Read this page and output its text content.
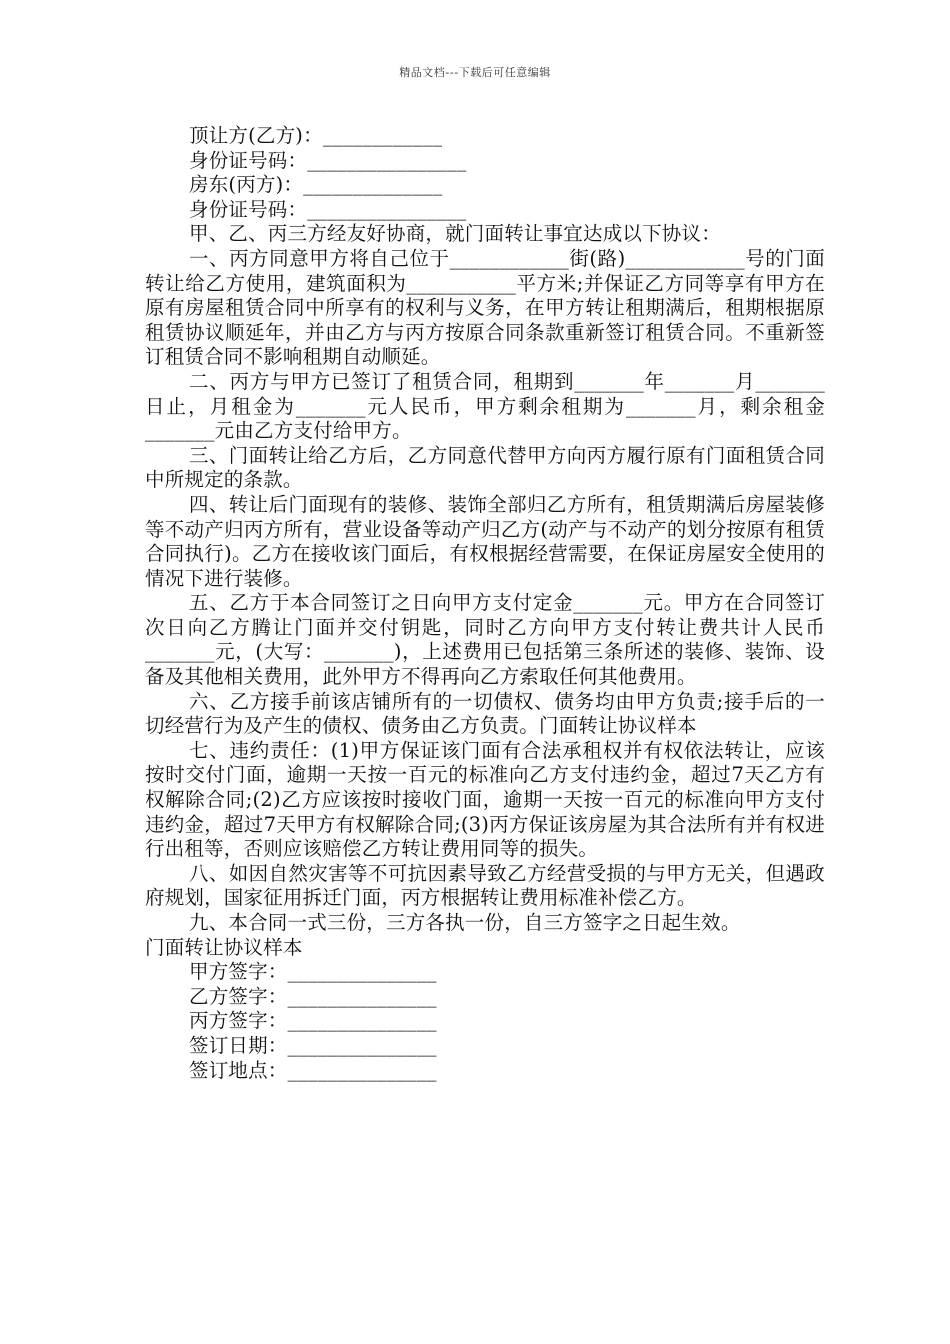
精品文档---下载后可任意编辑

顶让方(乙方)：____________

身份证号码：________________

房东(丙方)：______________

身份证号码：________________

甲、乙、丙三方经友好协商，就门面转让事宜达成以下协议：

一、丙方同意甲方将自己位于____________街(路)____________号的门面转让给乙方使用，建筑面积为___________平方米;并保证乙方同等享有甲方在原有房屋租赁合同中所享有的权利与义务，在甲方转让租期满后，租期根据原租赁协议顺延年，并由乙方与丙方按原合同条款重新签订租赁合同。不重新签订租赁合同不影响租期自动顺延。

二、丙方与甲方已签订了租赁合同，租期到_______年_______月_______日止，月租金为_______元人民币，甲方剩余租期为_______月，剩余租金_______元由乙方支付给甲方。

三、门面转让给乙方后，乙方同意代替甲方向丙方履行原有门面租赁合同中所规定的条款。

四、转让后门面现有的装修、装饰全部归乙方所有，租赁期满后房屋装修等不动产归丙方所有，营业设备等动产归乙方(动产与不动产的划分按原有租赁合同执行)。乙方在接收该门面后，有权根据经营需要，在保证房屋安全使用的情况下进行装修。

五、乙方于本合同签订之日向甲方支付定金_______元。甲方在合同签订次日向乙方腾让门面并交付钥匙，同时乙方向甲方支付转让费共计人民币_______元，(大写：_______)，上述费用已包括第三条所述的装修、装饰、设备及其他相关费用，此外甲方不得再向乙方索取任何其他费用。

六、乙方接手前该店铺所有的一切债权、债务均由甲方负责;接手后的一切经营行为及产生的债权、债务由乙方负责。门面转让协议样本

七、违约责任：(1)甲方保证该门面有合法承租权并有权依法转让，应该按时交付门面，逾期一天按一百元的标准向乙方支付违约金，超过7天乙方有权解除合同;(2)乙方应该按时接收门面，逾期一天按一百元的标准向甲方支付违约金，超过7天甲方有权解除合同;(3)丙方保证该房屋为其合法所有并有权进行出租等，否则应该赔偿乙方转让费用同等的损失。

八、如因自然灾害等不可抗因素导致乙方经营受损的与甲方无关，但遇政府规划，国家征用拆迁门面，丙方根据转让费用标准补偿乙方。

九、本合同一式三份，三方各执一份，自三方签字之日起生效。

门面转让协议样本

甲方签字：_______________

乙方签字：_______________

丙方签字：_______________

签订日期：_______________

签订地点：_______________
